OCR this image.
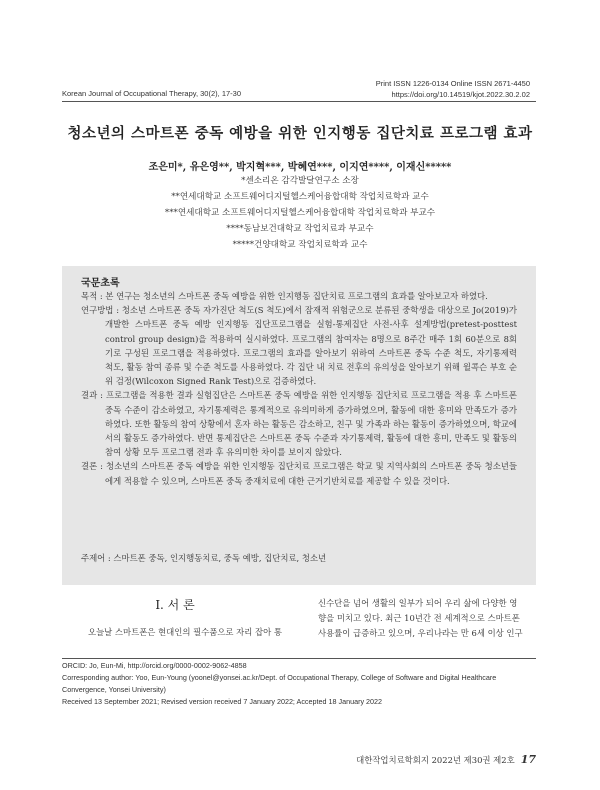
Print ISSN 1226-0134 Online ISSN 2671-4450
Korean Journal of Occupational Therapy, 30(2), 17-30	https://doi.org/10.14519/kjot.2022.30.2.02
청소년의 스마트폰 중독 예방을 위한 인지행동 집단치료 프로그램 효과
조은미*, 유은영**, 박지혁***, 박혜연***, 이지연****, 이재신*****
*센소리온 감각발달연구소 소장
**연세대학교 소프트웨어디지털헬스케어융합대학 작업치료학과 교수
***연세대학교 소프트웨어디지털헬스케어융합대학 작업치료학과 부교수
****동남보건대학교 작업치료과 부교수
*****건양대학교 작업치료학과 교수
국문초록

목적 : 본 연구는 청소년의 스마트폰 중독 예방을 위한 인지행동 집단치료 프로그램의 효과를 알아보고자 하였다.

연구방법 : 청소년 스마트폰 중독 자가진단 척도(S 척도)에서 잠재적 위험군으로 분류된 중학생을 대상으로 Jo(2019)가 개발한 스마트폰 중독 예방 인지행동 집단프로그램을 실험-통제집단 사전-사후 설계방법(pretest-posttest control group design)을 적용하여 실시하였다. 프로그램의 참여자는 8명으로 8주간 매주 1회 60분으로 8회기로 구성된 프로그램을 적용하였다. 프로그램의 효과를 알아보기 위하여 스마트폰 중독 수준 척도, 자기통제력 척도, 활동 참여 종류 및 수준 척도를 사용하였다. 각 집단 내 치료 전후의 유의성을 알아보기 위해 윌콕슨 부호 순위 검정(Wilcoxon Signed Rank Test)으로 검증하였다.

결과 : 프로그램을 적용한 결과 실험집단은 스마트폰 중독 예방을 위한 인지행동 집단치료 프로그램을 적용 후 스마트폰 중독 수준이 감소하였고, 자기통제력은 통계적으로 유의미하게 증가하였으며, 활동에 대한 흥미와 만족도가 증가하였다. 또한 활동의 참여 상황에서 혼자 하는 활동은 감소하고, 친구 및 가족과 하는 활동이 증가하였으며, 학교에서의 활동도 증가하였다. 반면 통제집단은 스마트폰 중독 수준과 자기통제력, 활동에 대한 흥미, 만족도 및 활동의 참여 상황 모두 프로그램 전과 후 유의미한 차이를 보이지 않았다.

결론 : 청소년의 스마트폰 중독 예방을 위한 인지행동 집단치료 프로그램은 학교 및 지역사회의 스마트폰 중독 청소년들에게 적용할 수 있으며, 스마트폰 중독 중재치료에 대한 근거기반치료를 제공할 수 있을 것이다.

주제어 : 스마트폰 중독, 인지행동치료, 중독 예방, 집단치료, 청소년
Ⅰ. 서 론
오늘날 스마트폰은 현대인의 필수품으로 자리 잡아 통
신수단을 넘어 생활의 일부가 되어 우리 삶에 다양한 영
향을 미치고 있다. 최근 10년간 전 세계적으로 스마트폰
사용률이 급증하고 있으며, 우리나라는 만 6세 이상 인구
ORCID: Jo, Eun-Mi, http://orcid.org/0000-0002-9062-4858
Corresponding author: Yoo, Eun-Young (yoonel@yonsei.ac.kr/Dept. of Occupational Therapy, College of Software and Digital Healthcare Convergence, Yonsei University)
Received 13 September 2021; Revised version received 7 January 2022; Accepted 18 January 2022
대한작업치료학회지 2022년 제30권 제2호 17
